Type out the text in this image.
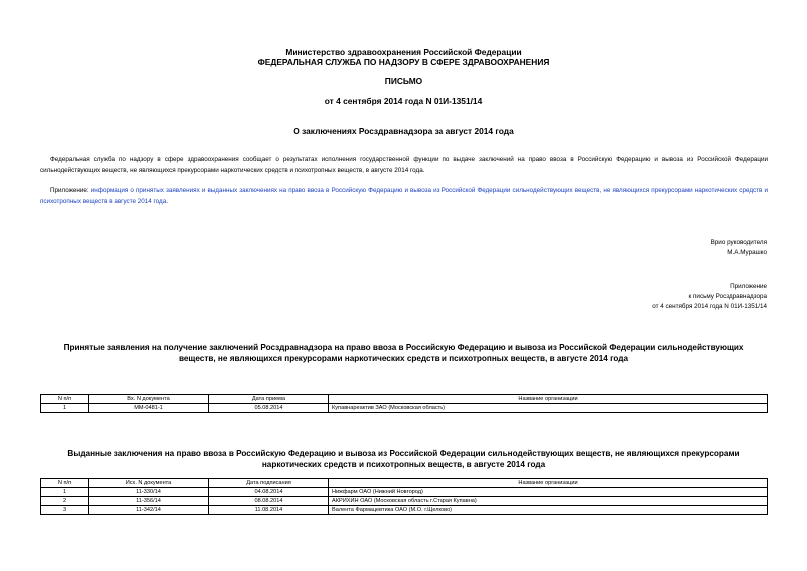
Министерство здравоохранения Российской Федерации
ФЕДЕРАЛЬНАЯ СЛУЖБА ПО НАДЗОРУ В СФЕРЕ ЗДРАВООХРАНЕНИЯ
ПИСЬМО
от 4 сентября 2014 года N 01И-1351/14
О заключениях Росздравнадзора за август 2014 года
Федеральная служба по надзору в сфере здравоохранения сообщает о результатах исполнения государственной функции по выдаче заключений на право ввоза в Российскую Федерацию и вывоза из Российской Федерации сильнодействующих веществ, не являющихся прекурсорами наркотических средств и психотропных веществ, в августе 2014 года.
Приложение: информация о принятых заявлениях и выданных заключениях на право ввоза в Российскую Федерацию и вывоза из Российской Федерации сильнодействующих веществ, не являющихся прекурсорами наркотических средств и психотропных веществ в августе 2014 года.
Врио руководителя
М.А.Мурашко
Приложение
к письму Росздравнадзора
от 4 сентября 2014 года N 01И-1351/14
Принятые заявления на получение заключений Росздравнадзора на право ввоза в Российскую Федерацию и вывоза из Российской Федерации сильнодействующих веществ, не являющихся прекурсорами наркотических средств и психотропных веществ, в августе 2014 года
N п/п	Вх. N документа	Дата приема	Название организации
1	ММ-0481-1	05.08.2014	Купавнареактив ЗАО (Московская область)
Выданные заключения на право ввоза в Российскую Федерацию и вывоза из Российской Федерации сильнодействующих веществ, не являющихся прекурсорами наркотических средств и психотропных веществ, в августе 2014 года
N п/п	Исх. N документа	Дата подписания	Название организации
1	11-330/14	04.08.2014	Нижфарм ОАО (Нижний Новгород)
2	11-356/14	08.08.2014	АКРИХИН ОАО (Московская область г.Старая Купавна)
3	11-342/14	11.08.2014	Валента Фармацевтика ОАО (М.О. г.Щелково)
